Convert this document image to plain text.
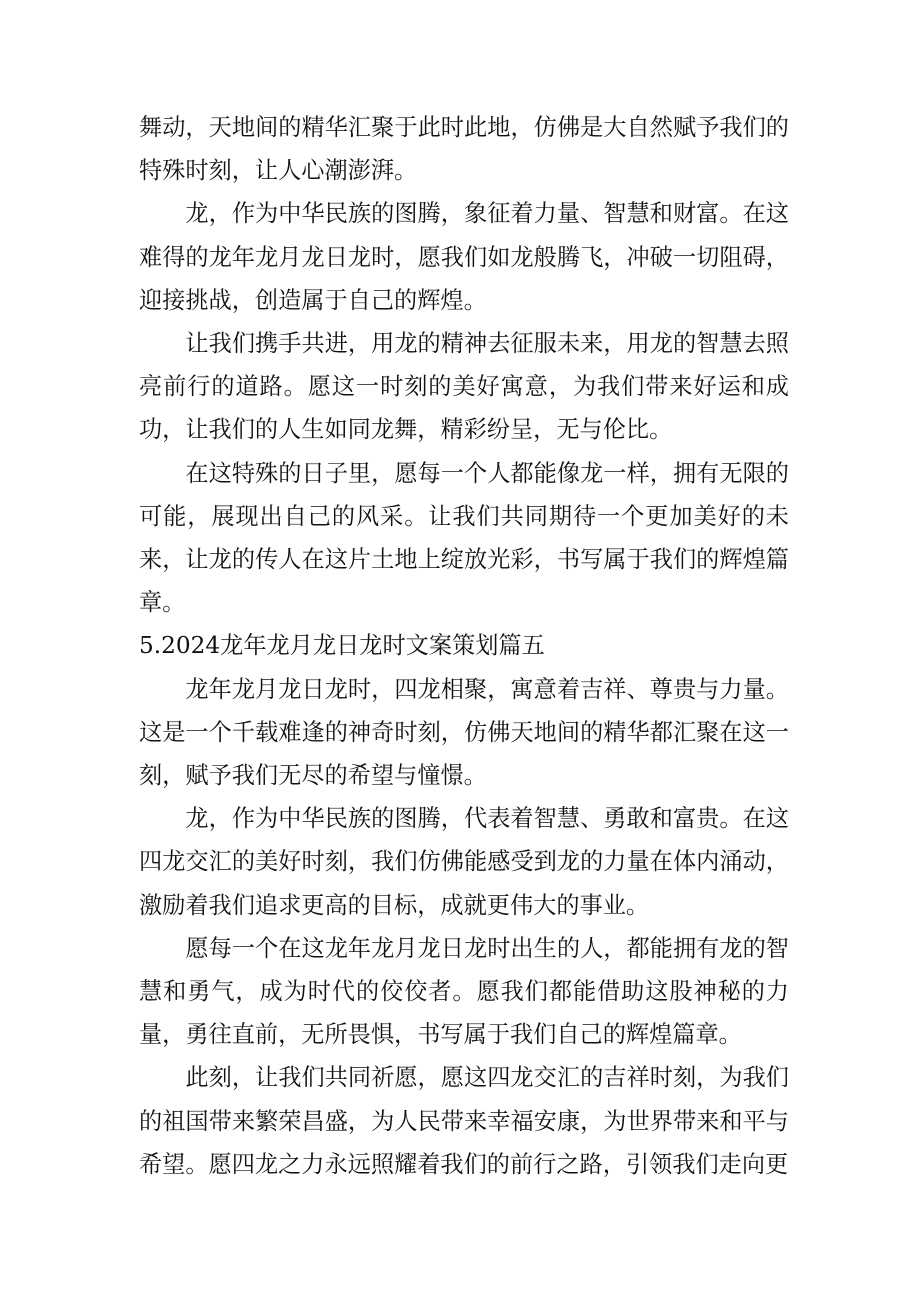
舞动，天地间的精华汇聚于此时此地，仿佛是大自然赋予我们的特殊时刻，让人心潮澎湃。

龙，作为中华民族的图腾，象征着力量、智慧和财富。在这难得的龙年龙月龙日龙时，愿我们如龙般腾飞，冲破一切阻碍，迎接挑战，创造属于自己的辉煌。

让我们携手共进，用龙的精神去征服未来，用龙的智慧去照亮前行的道路。愿这一时刻的美好寓意，为我们带来好运和成功，让我们的人生如同龙舞，精彩纷呈，无与伦比。

在这特殊的日子里，愿每一个人都能像龙一样，拥有无限的可能，展现出自己的风采。让我们共同期待一个更加美好的未来，让龙的传人在这片土地上绽放光彩，书写属于我们的辉煌篇章。

5.2024龙年龙月龙日龙时文案策划篇五

龙年龙月龙日龙时，四龙相聚，寓意着吉祥、尊贵与力量。这是一个千载难逢的神奇时刻，仿佛天地间的精华都汇聚在这一刻，赋予我们无尽的希望与憧憬。

龙，作为中华民族的图腾，代表着智慧、勇敢和富贵。在这四龙交汇的美好时刻，我们仿佛能感受到龙的力量在体内涌动，激励着我们追求更高的目标，成就更伟大的事业。

愿每一个在这龙年龙月龙日龙时出生的人，都能拥有龙的智慧和勇气，成为时代的佼佼者。愿我们都能借助这股神秘的力量，勇往直前，无所畏惧，书写属于我们自己的辉煌篇章。

此刻，让我们共同祈愿，愿这四龙交汇的吉祥时刻，为我们的祖国带来繁荣昌盛，为人民带来幸福安康，为世界带来和平与希望。愿四龙之力永远照耀着我们的前行之路，引领我们走向更
